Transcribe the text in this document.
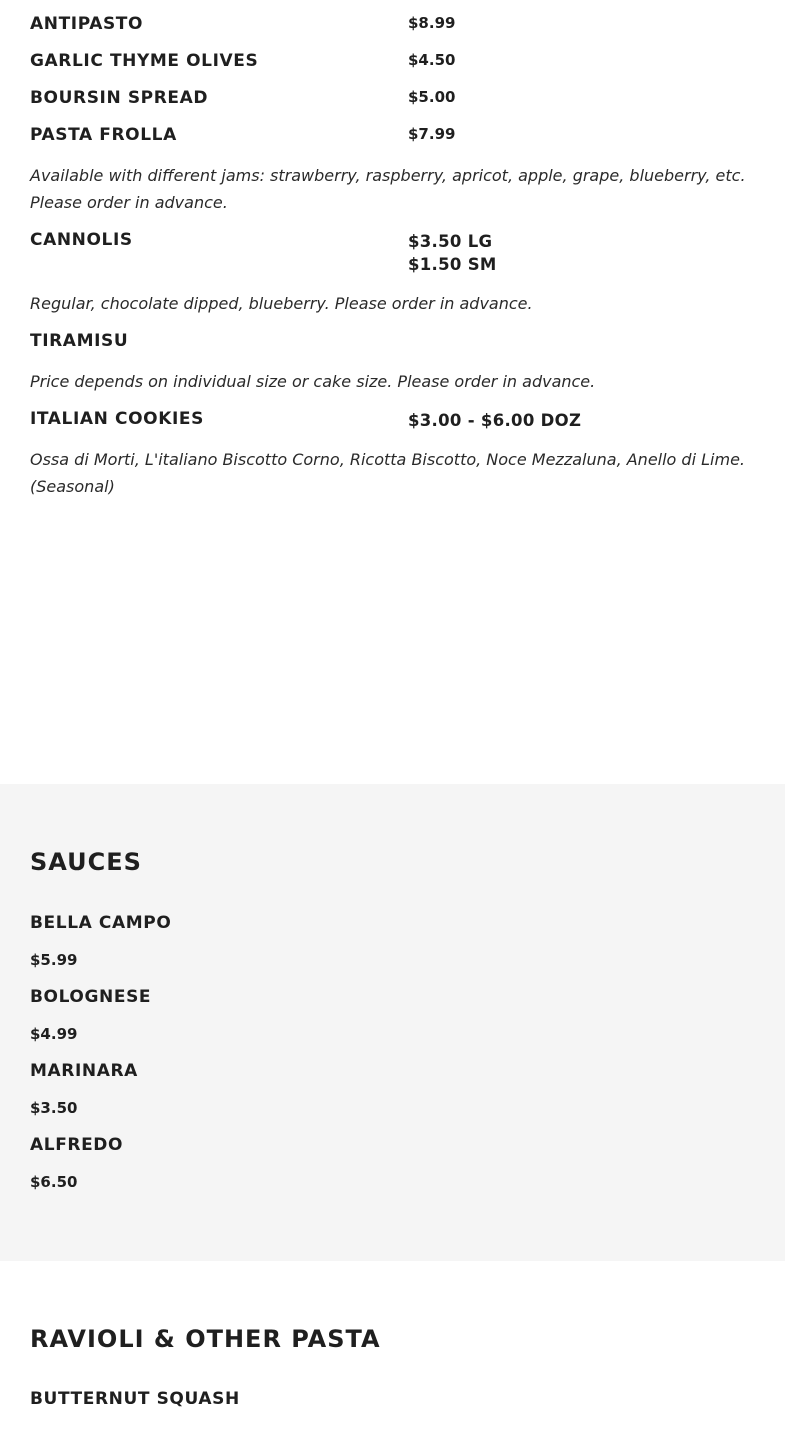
ANTIPASTO	$8.99
GARLIC THYME OLIVES	$4.50
BOURSIN SPREAD	$5.00
PASTA FROLLA	$7.99

Available with different jams: strawberry, raspberry, apricot, apple, grape, blueberry, etc. Please order in advance.

CANNOLIS	$3.50 LG
$1.50 SM

Regular, chocolate dipped, blueberry. Please order in advance.

TIRAMISU

Price depends on individual size or cake size. Please order in advance.

ITALIAN COOKIES	$3.00 - $6.00 DOZ

Ossa di Morti, L'italiano Biscotto Corno, Ricotta Biscotto, Noce Mezzaluna, Anello di Lime. (Seasonal)

SAUCES
BELLA CAMPO
$5.99
BOLOGNESE
$4.99
MARINARA
$3.50
ALFREDO
$6.50
RAVIOLI & OTHER PASTA
BUTTERNUT SQUASH
